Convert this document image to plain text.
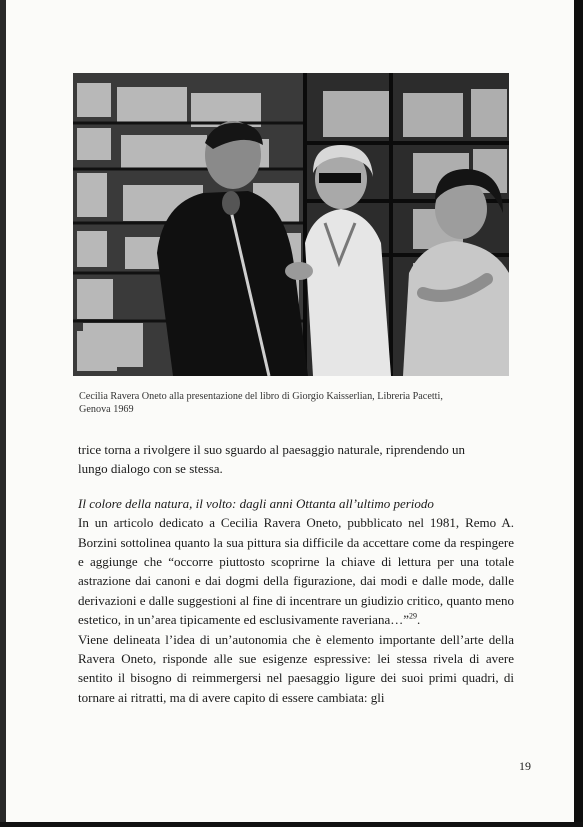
Cecilia Ravera Oneto alla presentazione del libro di Giorgio Kaisserlian, Libreria Pacetti,
Genova 1969

trice torna a rivolgere il suo sguardo al paesaggio naturale, riprendendo un
lungo dialogo con se stessa.

Il colore della natura, il volto: dagli anni Ottanta all’ultimo periodo

In un articolo dedicato a Cecilia Ravera Oneto, pubblicato nel 1981, Remo A. Borzini sottolinea quanto la sua pittura sia difficile da accettare come da respingere e aggiunge che “occorre piuttosto scoprirne la chiave di lettura per una totale astrazione dai canoni e dai dogmi della figurazione, dai modi e dalle mode, dalle derivazioni e dalle suggestioni al fine di incentrare un giudizio critico, quanto meno estetico, in un’area tipicamente ed esclusivamente raveriana…”$^{29}$.

Viene delineata l’idea di un’autonomia che è elemento importante dell’arte della Ravera Oneto, risponde alle sue esigenze espressive: lei stessa rivela di avere sentito il bisogno di reimmergersi nel paesaggio ligure dei suoi primi quadri, di tornare ai ritratti, ma di avere capito di essere cambiata: gli

19
